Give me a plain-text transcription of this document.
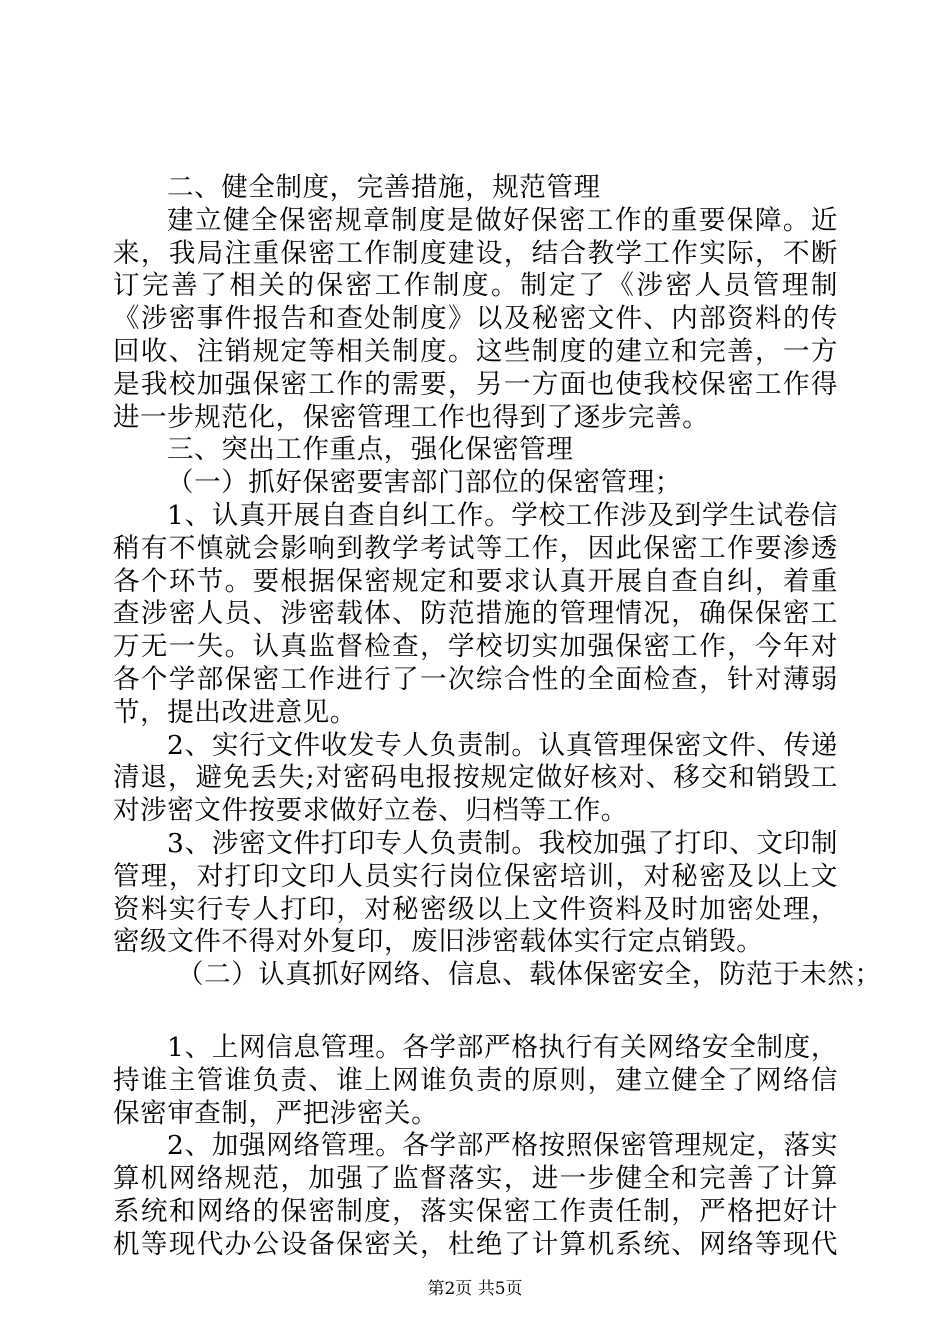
二、健全制度，完善措施，规范管理
建立健全保密规章制度是做好保密工作的重要保障。近
来，我局注重保密工作制度建设，结合教学工作实际，不断
订完善了相关的保密工作制度。制定了《涉密人员管理制
《涉密事件报告和查处制度》以及秘密文件、内部资料的传
回收、注销规定等相关制度。这些制度的建立和完善，一方
是我校加强保密工作的需要，另一方面也使我校保密工作得
进一步规范化，保密管理工作也得到了逐步完善。
三、突出工作重点，强化保密管理
（一）抓好保密要害部门部位的保密管理；
1、认真开展自查自纠工作。学校工作涉及到学生试卷信
稍有不慎就会影响到教学考试等工作，因此保密工作要渗透
各个环节。要根据保密规定和要求认真开展自查自纠，着重
查涉密人员、涉密载体、防范措施的管理情况，确保保密工
万无一失。认真监督检查，学校切实加强保密工作，今年对
各个学部保密工作进行了一次综合性的全面检查，针对薄弱
节，提出改进意见。
2、实行文件收发专人负责制。认真管理保密文件、传递
清退，避免丢失;对密码电报按规定做好核对、移交和销毁工
对涉密文件按要求做好立卷、归档等工作。
3、涉密文件打印专人负责制。我校加强了打印、文印制
管理，对打印文印人员实行岗位保密培训，对秘密及以上文
资料实行专人打印，对秘密级以上文件资料及时加密处理，
密级文件不得对外复印，废旧涉密载体实行定点销毁。
（二）认真抓好网络、信息、载体保密安全，防范于未然；
1、上网信息管理。各学部严格执行有关网络安全制度，
持谁主管谁负责、谁上网谁负责的原则，建立健全了网络信
保密审查制，严把涉密关。
2、加强网络管理。各学部严格按照保密管理规定，落实
算机网络规范，加强了监督落实，进一步健全和完善了计算
系统和网络的保密制度，落实保密工作责任制，严格把好计
机等现代办公设备保密关，杜绝了计算机系统、网络等现代
第2页 共5页
